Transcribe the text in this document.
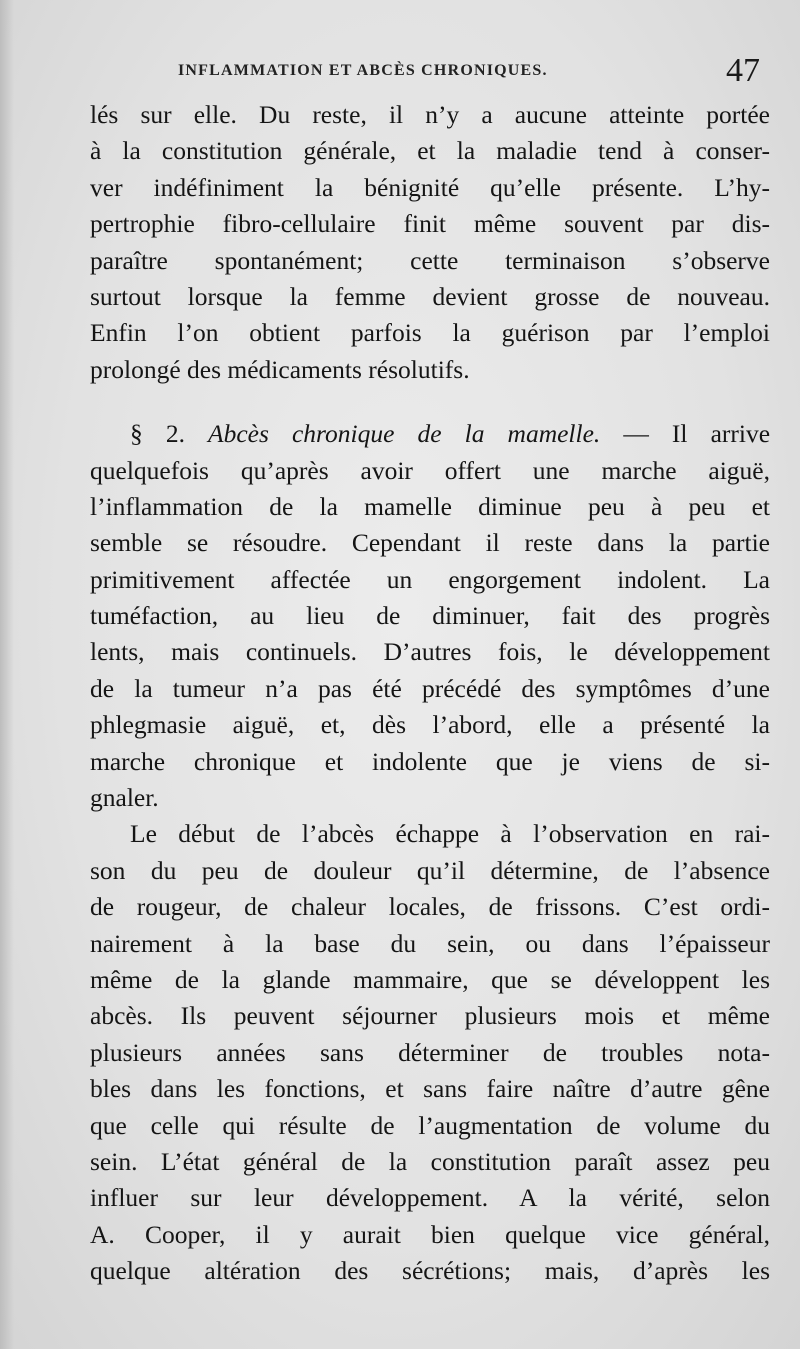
INFLAMMATION ET ABCÈS CHRONIQUES.	47
lés sur elle. Du reste, il n’y a aucune atteinte portée
à la constitution générale, et la maladie tend à conser-
ver indéfiniment la bénignité qu’elle présente. L’hy-
pertrophie fibro-cellulaire finit même souvent par dis-
paraître spontanément; cette terminaison s’observe
surtout lorsque la femme devient grosse de nouveau.
Enfin l’on obtient parfois la guérison par l’emploi
prolongé des médicaments résolutifs.
§ 2. Abcès chronique de la mamelle. — Il arrive
quelquefois qu’après avoir offert une marche aiguë,
l’inflammation de la mamelle diminue peu à peu et
semble se résoudre. Cependant il reste dans la partie
primitivement affectée un engorgement indolent. La
tuméfaction, au lieu de diminuer, fait des progrès
lents, mais continuels. D’autres fois, le développement
de la tumeur n’a pas été précédé des symptômes d’une
phlegmasie aiguë, et, dès l’abord, elle a présenté la
marche chronique et indolente que je viens de si-
gnaler.
Le début de l’abcès échappe à l’observation en rai-
son du peu de douleur qu’il détermine, de l’absence
de rougeur, de chaleur locales, de frissons. C’est ordi-
nairement à la base du sein, ou dans l’épaisseur
même de la glande mammaire, que se développent les
abcès. Ils peuvent séjourner plusieurs mois et même
plusieurs années sans déterminer de troubles nota-
bles dans les fonctions, et sans faire naître d’autre gêne
que celle qui résulte de l’augmentation de volume du
sein. L’état général de la constitution paraît assez peu
influer sur leur développement. A la vérité, selon
A. Cooper, il y aurait bien quelque vice général,
quelque altération des sécrétions; mais, d’après les
